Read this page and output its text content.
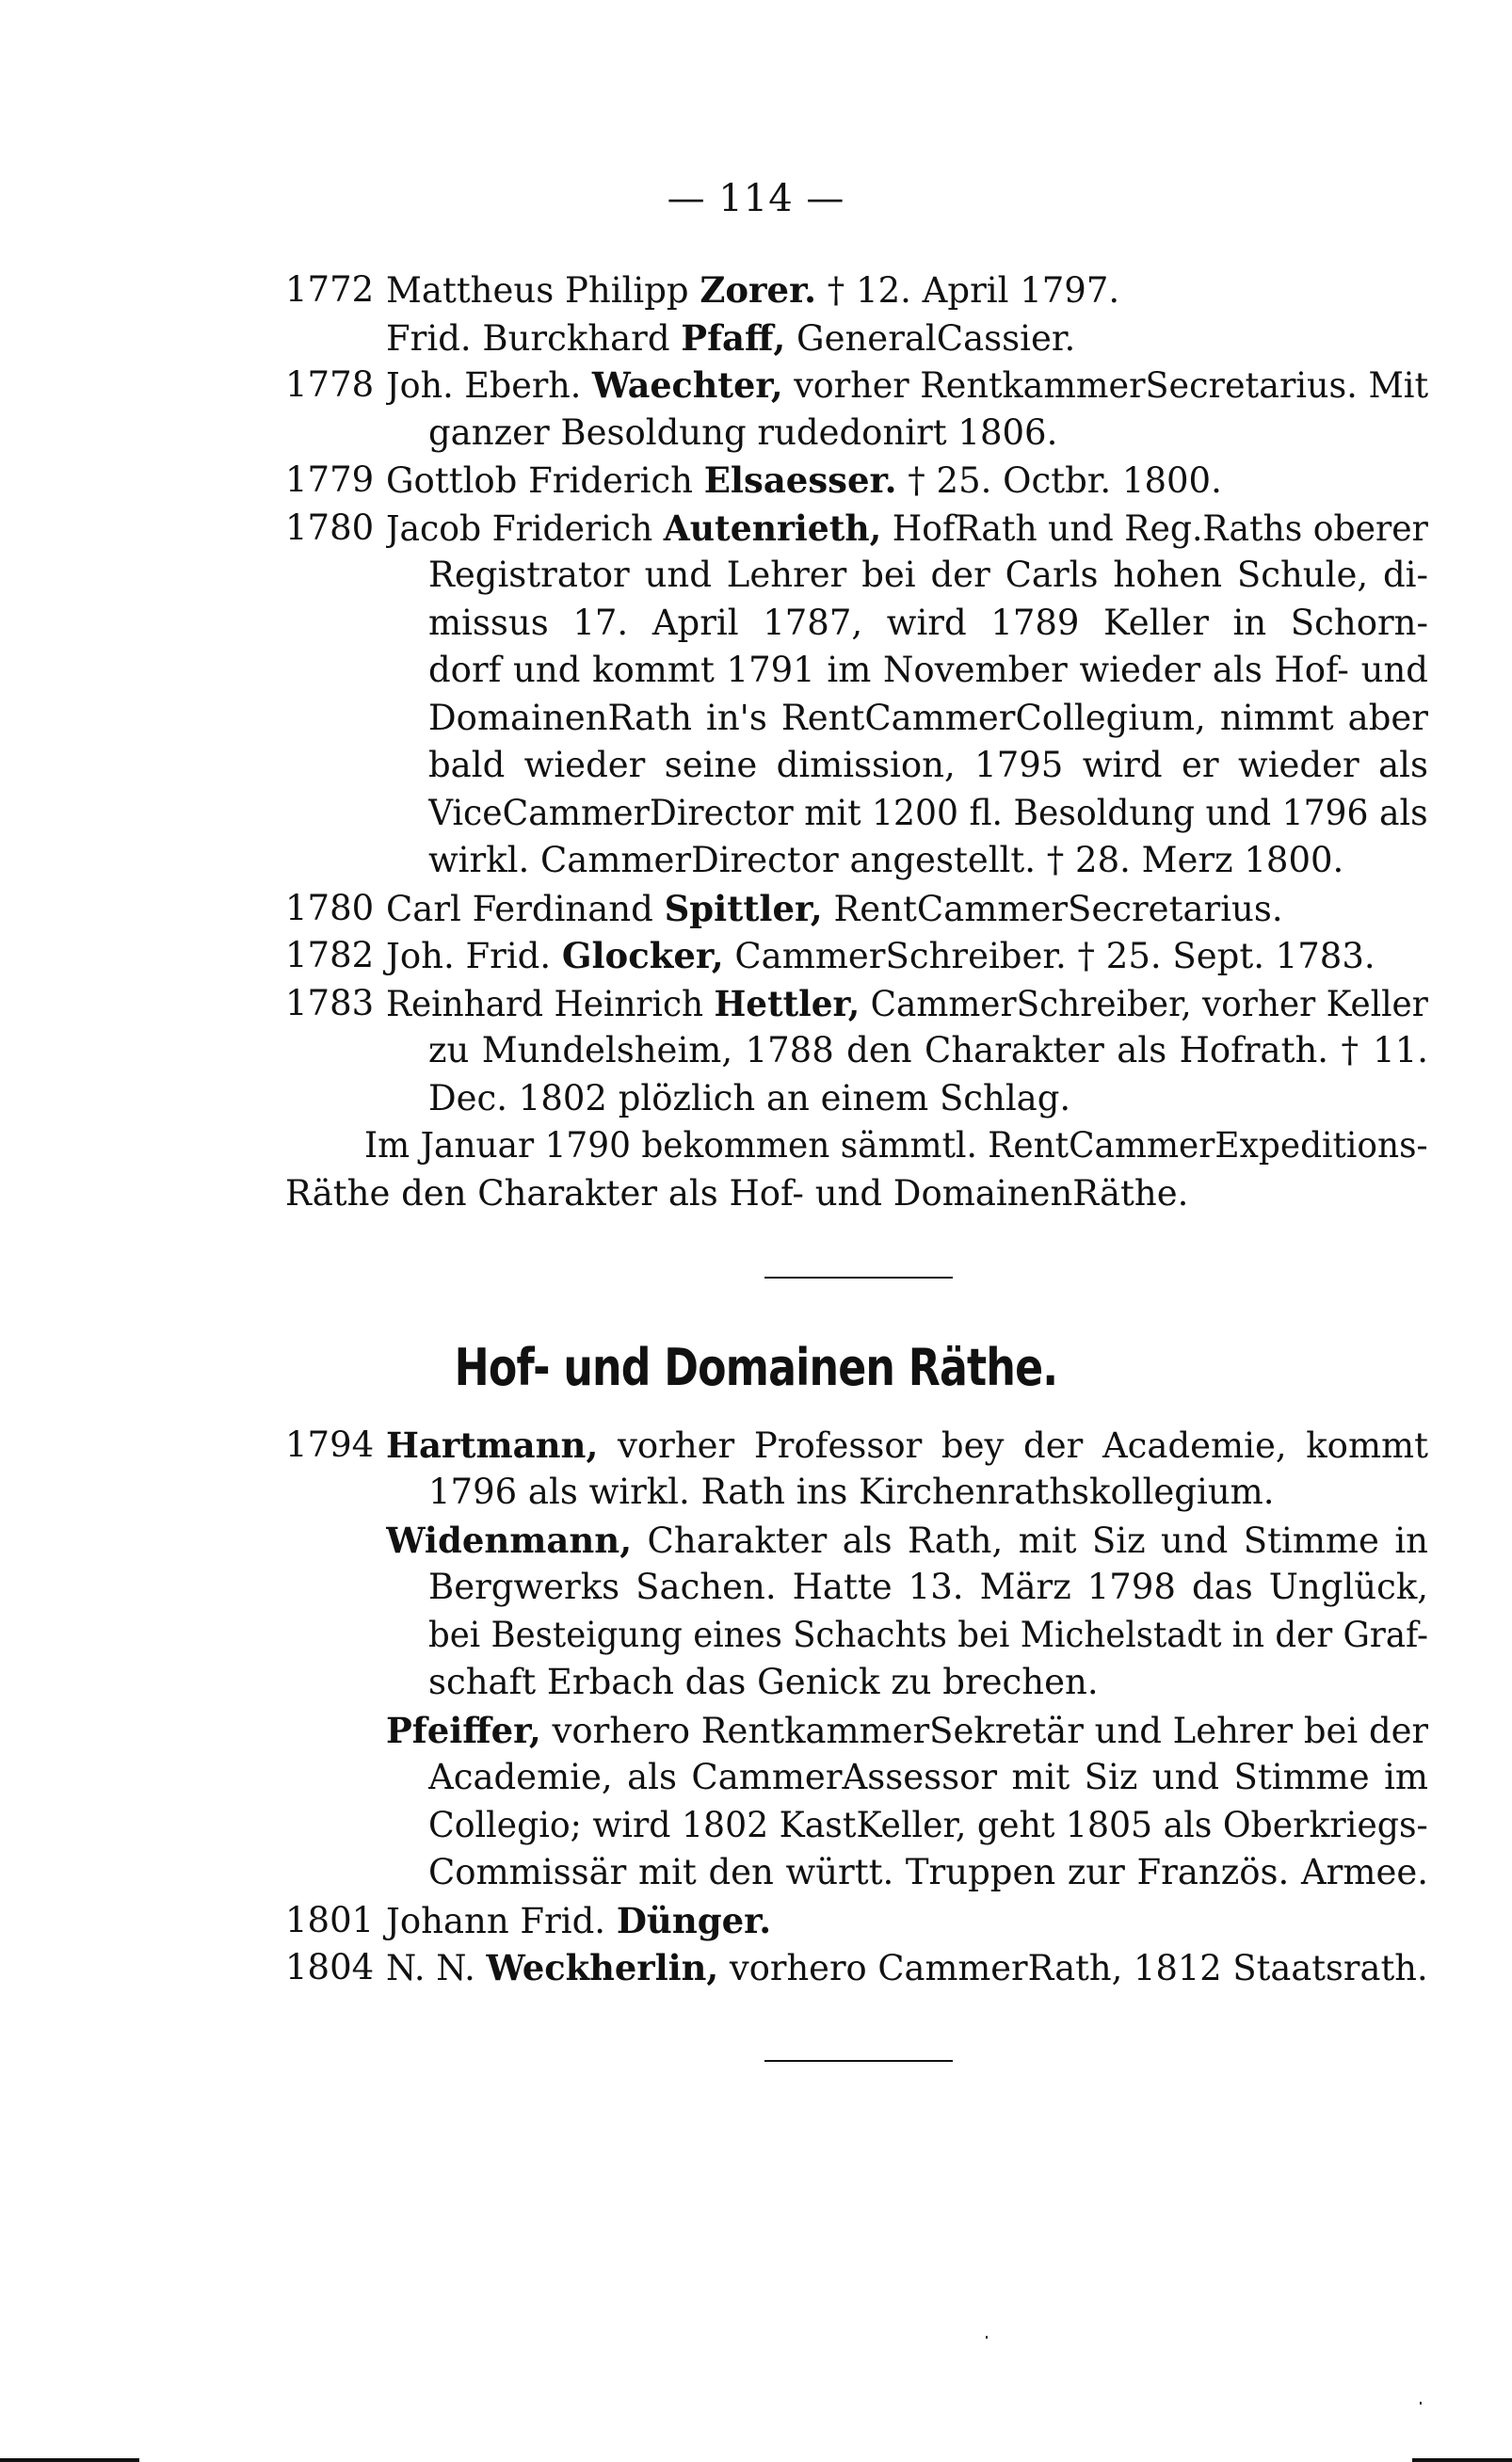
— 114 —
1772 Mattheus Philipp Zorer. † 12. April 1797.
Frid. Burckhard Pfaff, GeneralCassier.
1778 Joh. Eberh. Waechter, vorher RentkammerSecretarius. Mit
ganzer Besoldung rudedonirt 1806.
1779 Gottlob Friderich Elsaesser. † 25. Octbr. 1800.
1780 Jacob Friderich Autenrieth, HofRath und Reg.Raths oberer
Registrator und Lehrer bei der Carls hohen Schule, di-
missus 17. April 1787, wird 1789 Keller in Schorn-
dorf und kommt 1791 im November wieder als Hof- und
DomainenRath in's RentCammerCollegium, nimmt aber
bald wieder seine dimission, 1795 wird er wieder als
ViceCammerDirector mit 1200 fl. Besoldung und 1796 als
wirkl. CammerDirector angestellt. † 28. Merz 1800.
1780 Carl Ferdinand Spittler, RentCammerSecretarius.
1782 Joh. Frid. Glocker, CammerSchreiber. † 25. Sept. 1783.
1783 Reinhard Heinrich Hettler, CammerSchreiber, vorher Keller
zu Mundelsheim, 1788 den Charakter als Hofrath. † 11.
Dec. 1802 plözlich an einem Schlag.
Im Januar 1790 bekommen sämmtl. RentCammerExpeditions-
Räthe den Charakter als Hof- und DomainenRäthe.
Hof- und Domainen Räthe.
1794 Hartmann, vorher Professor bey der Academie, kommt
1796 als wirkl. Rath ins Kirchenrathskollegium.
Widenmann, Charakter als Rath, mit Siz und Stimme in
Bergwerks Sachen. Hatte 13. März 1798 das Unglück,
bei Besteigung eines Schachts bei Michelstadt in der Graf-
schaft Erbach das Genick zu brechen.
Pfeiffer, vorhero RentkammerSekretär und Lehrer bei der
Academie, als CammerAssessor mit Siz und Stimme im
Collegio; wird 1802 KastKeller, geht 1805 als Oberkriegs-
Commissär mit den württ. Truppen zur Französ. Armee.
1801 Johann Frid. Dünger.
1804 N. N. Weckherlin, vorhero CammerRath, 1812 Staatsrath.
